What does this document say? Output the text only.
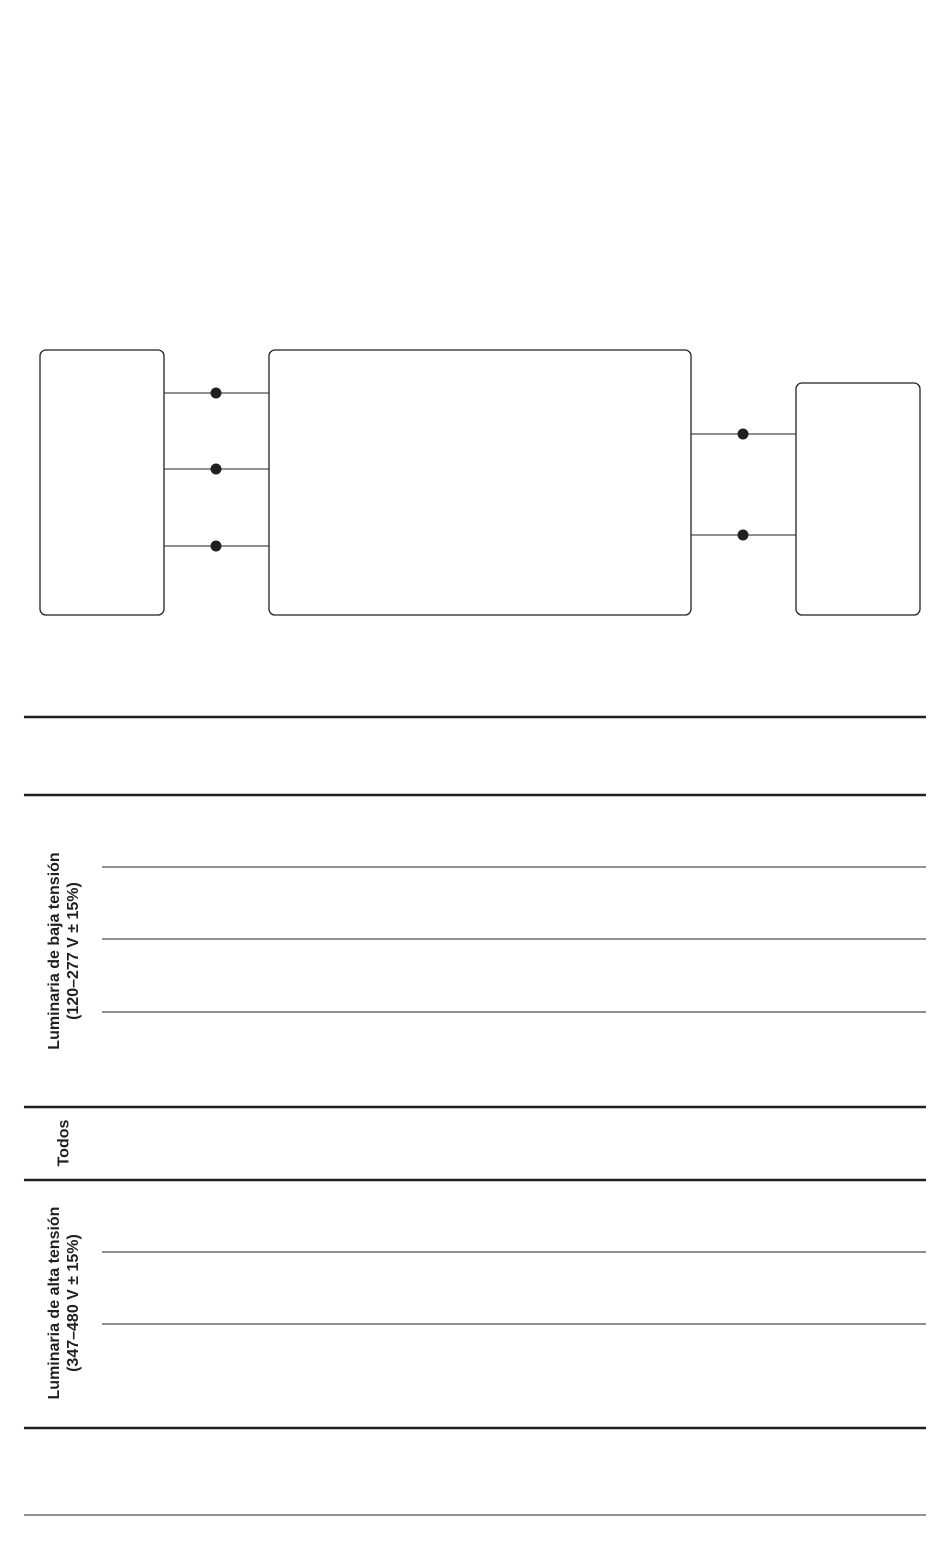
Luminaria de baja tensión (120–277 V ± 15%)
Todos
Luminaria de alta tensión (347–480 V ± 15%)
